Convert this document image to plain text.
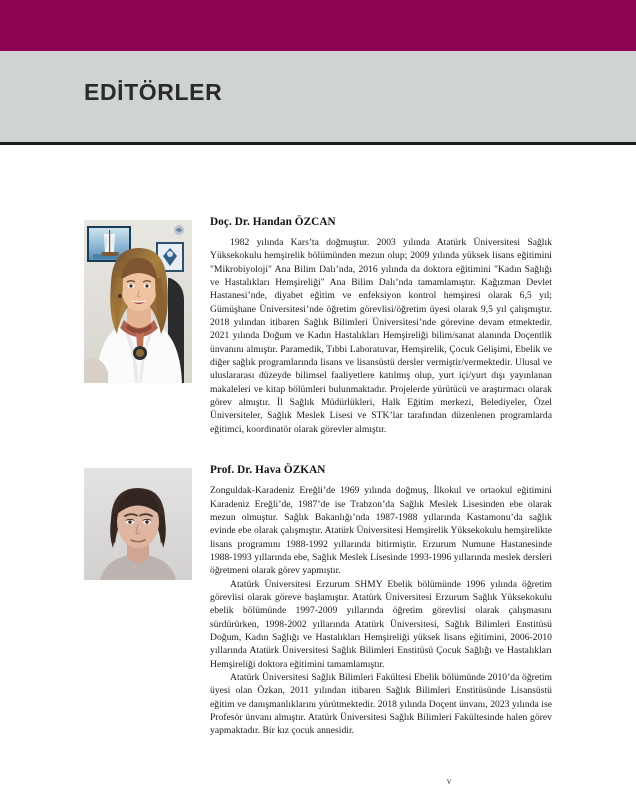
EDİTÖRLER
Doç. Dr. Handan ÖZCAN

1982 yılında Kars’ta doğmuştur. 2003 yılında Atatürk Üniversitesi Sağlık Yüksekokulu hemşirelik bölümünden mezun olup; 2009 yılında yüksek lisans eğitimini "Mikrobiyoloji" Ana Bilim Dalı’nda, 2016 yılında da doktora eğitimini "Kadın Sağlığı ve Hastalıkları Hemşireliği" Ana Bilim Dalı’nda tamamlamıştır. Kağızman Devlet Hastanesi’nde, diyabet eğitim ve enfeksiyon kontrol hemşiresi olarak 6,5 yıl; Gümüşhane Üniversitesi’nde öğretim görevlisi/öğretim üyesi olarak 9,5 yıl çalışmıştır. 2018 yılından itibaren Sağlık Bilimleri Üniversitesi’nde görevine devam etmektedir. 2021 yılında Doğum ve Kadın Hastalıkları Hemşireliği bilim/sanat alanında Doçentlik ünvanını almıştır. Paramedik, Tıbbi Laboratuvar, Hemşirelik, Çocuk Gelişimi, Ebelik ve diğer sağlık programlarında lisans ve lisansüstü dersler vermiştir/vermektedir. Ulusal ve uluslararası düzeyde bilimsel faaliyetlere katılmış olup, yurt içi/yurt dışı yayınlanan makaleleri ve kitap bölümleri bulunmaktadır. Projelerde yürütücü ve araştırmacı olarak görev almıştır. İl Sağlık Müdürlükleri, Halk Eğitim merkezi, Belediyeler, Özel Üniversiteler, Sağlık Meslek Lisesi ve STK’lar tarafından düzenlenen programlarda eğitimci, koordinatör olarak görevler almıştır.

Prof. Dr. Hava ÖZKAN

Zonguldak-Karadeniz Ereğli’de 1969 yılında doğmuş, İlkokul ve ortaokul eğitimini Karadeniz Ereğli’de, 1987’de ise Trabzon’da Sağlık Meslek Lisesinden ebe olarak mezun olmuştur. Sağlık Bakanlığı’nda 1987-1988 yıllarında Kastamonu’da sağlık evinde ebe olarak çalışmıştır. Atatürk Üniversitesi Hemşirelik Yüksekokulu hemşirelikte lisans programını 1988-1992 yıllarında bitirmiştir. Erzurum Numune Hastanesinde 1988-1993 yıllarında ebe, Sağlık Meslek Lisesinde 1993-1996 yıllarında meslek dersleri öğretmeni olarak görev yapmıştır.

Atatürk Üniversitesi Erzurum SHMY Ebelik bölümünde 1996 yılında öğretim görevlisi olarak göreve başlamıştır. Atatürk Üniversitesi Erzurum Sağlık Yüksekokulu ebelik bölümünde 1997-2009 yıllarında öğretim görevlisi olarak çalışmasını sürdürürken, 1998-2002 yıllarında Atatürk Üniversitesi, Sağlık Bilimleri Enstitüsü Doğum, Kadın Sağlığı ve Hastalıkları Hemşireliği yüksek lisans eğitimini, 2006-2010 yıllarında Atatürk Üniversitesi Sağlık Bilimleri Enstitüsü Çocuk Sağlığı ve Hastalıkları Hemşireliği doktora eğitimini tamamlamıştır.

Atatürk Üniversitesi Sağlık Bilimleri Fakültesi Ebelik bölümünde 2010’da öğretim üyesi olan Özkan, 2011 yılından itibaren Sağlık Bilimleri Enstitüsünde Lisansüstü eğitim ve danışmanlıklarını yürütmektedir. 2018 yılında Doçent ünvanı, 2023 yılında ise Profesör ünvanı almıştır. Atatürk Üniversitesi Sağlık Bilimleri Fakültesinde halen görev yapmaktadır. Bir kız çocuk annesidir.

v
